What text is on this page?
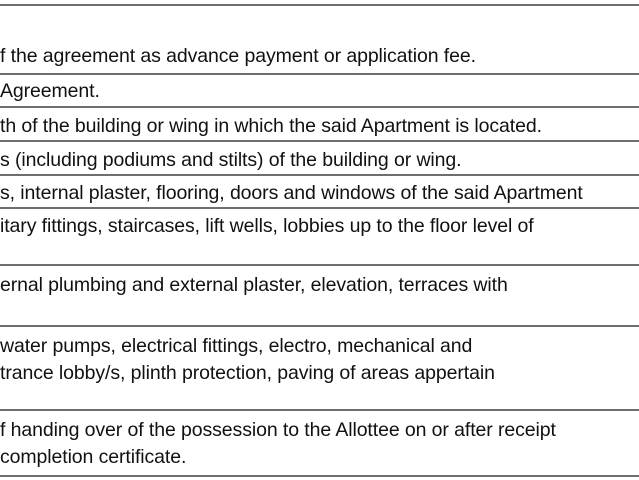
f the agreement as advance payment or application fee.
Agreement.
th of the building or wing in which the said Apartment is located.
s (including podiums and stilts) of the building or wing.
s, internal plaster, flooring, doors and windows of the said Apartment
itary fittings, staircases, lift wells, lobbies up to the floor level of
ernal plumbing and external plaster, elevation, terraces with
water pumps, electrical fittings, electro, mechanical and
trance lobby/s, plinth protection, paving of areas appertain
f handing over of the possession to the Allottee on or after receipt
completion certificate.
